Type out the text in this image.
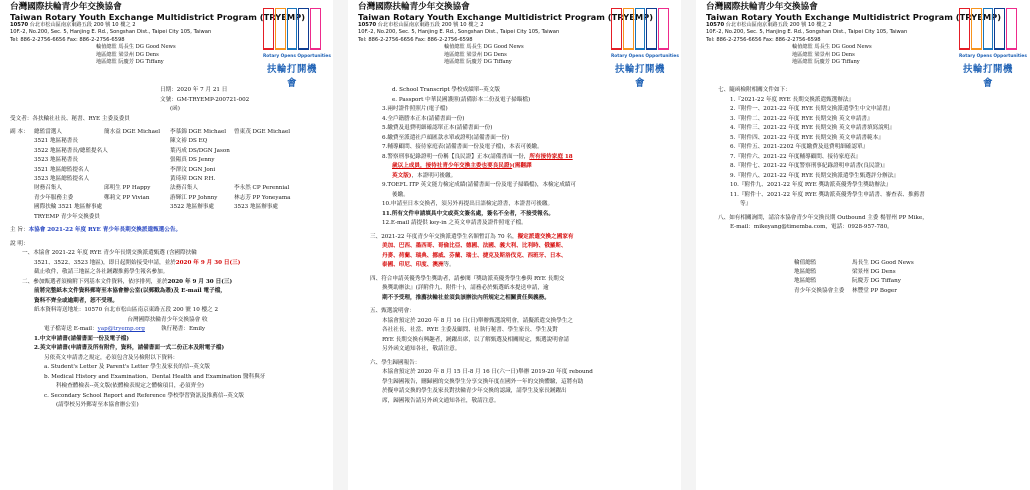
台灣國際扶輪青少年交換協會
Taiwan Rotary Youth Exchange Multidistrict Program (TRYEMP)
10570 台北市松山區南京東路五段 200 號 10 樓之 2
10F.-2, No.200, Sec. 5, Hanjing E. Rd., Songshan Dist., Taipei City 105, Taiwan
Tel: 886-2-2756-6656 Fax: 886-2-2756-6598
輪值總監 馬長生 DG Good News
地區總監 梁景州 DG Dens
地區總監 阮慶芳 DG Tiffany
Rotary Opens Opportunities
扶輪打開機會
日期：2020 年 7 月 21 日
文號：GM-TRYEMP-200721-002
(函)
受文者：各扶輪社社長、秘書、RYE 主委及委員
副 本： 總監當選人	簡水益 DGE Michael	李慕錦 DGE Michael	曾東茂 DGE Michael
3521 地區秘書長	陳文裕 DS EQ
3522 地區秘書長/總監提名人	葉丙成 DS/DGN Jason
3523 地區秘書長	張陽真 DS Jenny
3521 地區總監提名人	李澤汶 DGN Joni
3523 地區總監提名人	黃琦璋 DGN P.H.
財務召集人	邱明生 PP Happy	法務召集人	李永然 CP Perennial
青少年服務主委	鄭莉文 PP Vivian	游輝江 PP Johnny	林志芳 PP Yoneyama
國際扶輪 3521 地區辦事處	3522 地區辦事處	3523 地區辦事處
TRYEMP 青少年交換委員
主 旨：本協會 2021-22 年度 RYE 青少年長期交換派遣甄選公告。
說 明：
一、本協會 2021-22 年度 RYE 青少年長期交換派遣甄選 (含國際扶輪
3521、3522、3523 地區)，即日起開始接受申請，並於2020 年 9 月 30 日(三)
截止收件，敬請三地區之各社踴躍推薦學生報名參加。
二、參加甄選者須檢附下列基本文件資料，依序排列，並於2020 年 9 月 30 日(三)
前將完整紙本文件資料郵寄至本協會辦公室(以郵戳為憑)及 E-mail 電子檔，
資料不齊全或逾期者，恕不受理。
紙本資料寄送地址：10570 台北市松山區南京東路五段 200 號 10 樓之 2
台灣國際扶輪青少年交換協會 收
電子檔寄送 E-mail：yap@tryemp.org	執行秘書：Emily
1.中文申請書(請備書面一份及電子檔)
2.英文申請書(申請書及所有附件，資料，請備書面一式二份正本及附電子檔)
另依英文申請書之規定，必須包含及另檢附以下資料：
a. Student's Letter 及 Parent's Letter 學生及家長的信--英文版
b. Medical History and Examination、Dental Health and Examination 醫科與牙
科檢查體檢表--英文版(依體檢表規定之體檢項目，必須齊全)
c. Secondary School Report and Reference 學校學習資訊及推薦信--英文版
(請學校另外郵寄至本協會辦公室)
台灣國際扶輪青少年交換協會
Taiwan Rotary Youth Exchange Multidistrict Program (TRYEMP)
10570 台北市松山區南京東路五段 200 號 10 樓之 2
10F.-2, No.200, Sec. 5, Hanjing E. Rd., Songshan Dist., Taipei City 105, Taiwan
Tel: 886-2-2756-6656 Fax: 886-2-2756-6598
輪值總監 馬長生 DG Good News
地區總監 梁景州 DG Dens
地區總監 阮慶芳 DG Tiffany
Rotary Opens Opportunities
扶輪打開機會
d. School Transcript 學校成績單--英文版
e. Passport 中華民國護照(請備影本二份及電子掃瞄檔)
3.兩吋證件照照片(電子檔)
4.全戶籍謄本正本(請備書面一份)
5.繳費及退費明細確認單正本(請備書面一份)
6.繳費至派遣社戶頭匯款水單或證明(請備書面一份)
7.輔導顧問、接待家庭表(請備書面一份及電子檔)，本表可後繳。
8.警察刑事紀錄證明一份稱【良民證】正本(請備書面一份，所有接待家庭 18
歲以上成員，接待社青少年交換主委也要良民證)(需翻譯
英文版)，本證明可後繳。
9.TOEFL ITP 英文能力檢定成績(請備書面一份及電子掃瞄檔)，本檢定成績可
後繳。
10.申請至日本交換者，須另外再提出日語檢定證書，本證書可後繳。
11.所有文件申請填具中文或英文簽名處，簽名不全者，不接受報名。
12.E-mail 請提供 key-in 之英文申請書及證件照電子檔。
三、2021-22 年度青少年交換派遣學生名額暫訂為 70 名，擬定派遣交換之國家有
美加、巴西、墨西哥、哥倫比亞、德國、法國、義大利、比利時、俄羅斯、
丹麥、荷蘭、瑞典、挪威、芬蘭、瑞士、捷克及斯洛伐克、西班牙、日本、
泰國、印尼、印度、澳洲等。
四、符合申請英優秀學生獎助者，請參閱『獎助派英優秀學生參與 RYE 長期交
換獎助辦法』(詳附件九、附件十)，請務必於甄選紙本提送申請，逾
期不予受理，推薦扶輪社並須負該辦法內所規定之相關責任與義務。
五、甄選說明會：
本協會預定於 2020 年 8 月 16 日(日)舉辦甄選說明會，請擬派遣交換學生之
各社社長、社當、RYE 主委及顧問、社執行秘書、學生家長、學生及對
RYE 長期交換有興趣者，踴躍出席，以了解甄選及相關規定，甄選說明會請
另外函文通知各社，敬請注意。
六、學生歸國報告：
本協會預定於 2020 年 8 月 15 日-8 月 16 日(六一日)舉辦 2019-20 年度 rebound
學生歸國報告，刪歸國的交換學生分享交換年度在國外一年的交換體驗，這將有助
於擬申請交換的學生及家長對扶輪青少年交換的認識，請學生及家長踴躍出
席，歸國報告請另外函文通知各社，敬請注意。
台灣國際扶輪青少年交換協會
Taiwan Rotary Youth Exchange Multidistrict Program (TRYEMP)
10570 台北市松山區南京東路五段 200 號 10 樓之 2
10F.-2, No.200, Sec. 5, Hanjing E. Rd., Songshan Dist., Taipei City 105, Taiwan
Tel: 886-2-2756-6656 Fax: 886-2-2756-6598
輪值總監 馬長生 DG Good News
地區總監 梁景州 DG Dens
地區總監 阮慶芳 DG Tiffany
Rotary Opens Opportunities
扶輪打開機會
七、隨函檢附相關文件如下：
1.『2021-22 年度 RYE 長期交換派遣甄選辦法』
2.『附件一、2021-22 年度 RYE 長期交換派遣學生中文申請書』
3.『附件二、2021-22 年度 RYE 長期交換 英文申請書』
4.『附件三、2021-22 年度 RYE 長期交換 英文申請書填寫說明』
5.『附件四、2021-22 年度 RYE 長期交換 英文申請書範本』
6.『附件五、2021-2202 年度繳費及退費明細確認單』
7.『附件六、2021-22 年度輔導顧問、接待家庭表』
8.『附件七、2021-22 年度警察刑事紀錄證明申請書(良民證)』
9.『附件八、2021-22 年度 RYE 長期交換派遣學生甄選評分辦法』
10.『附件九、2021-22 年度 RYE 獎助派英優秀學生獎助辦法』
11.『附件十、2021-22 年度 RYE 獎助派英優秀學生申請書、審查表、推薦書
等』
八、如有相關詢問，請洽本協會青少年交換長期 Outbound 主委 楊智州 PP Mike，
E-mail：mikeyang@timemba.com，電話：0928-957-780。
輪值總監	馬長生 DG Good News
地區總監	梁景州 DG Dens
地區總監	阮慶芳 DG Tiffany
青少年交換協會主委	林豐堂 PP Boger
